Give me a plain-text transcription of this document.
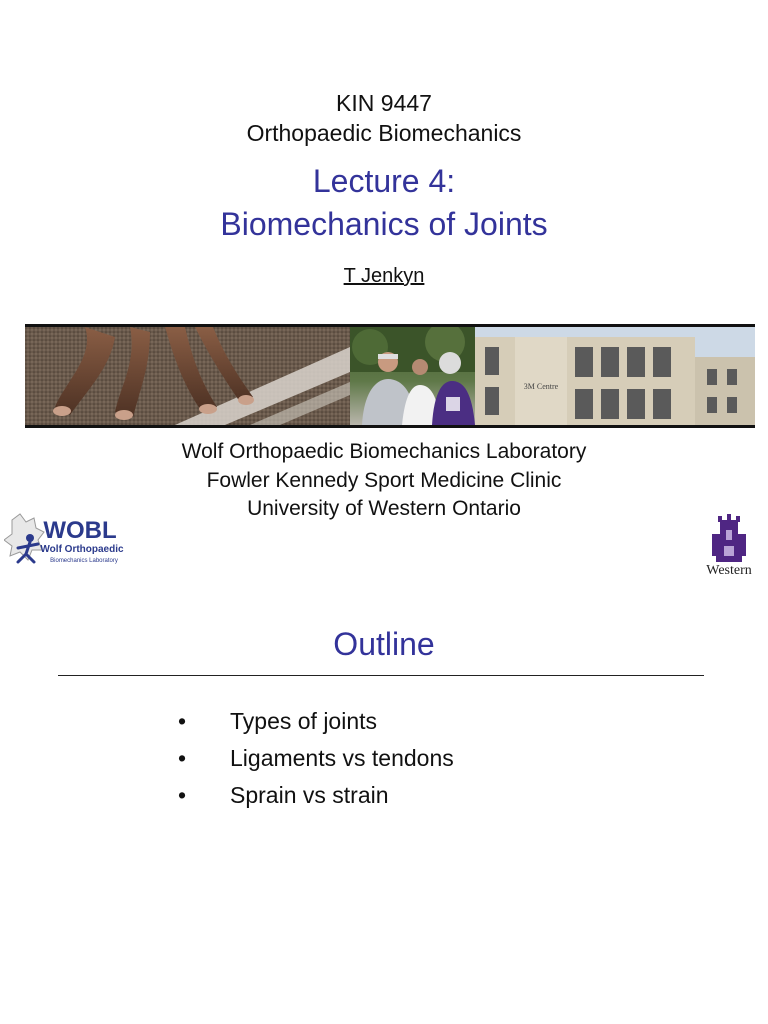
KIN 9447
Orthopaedic Biomechanics
Lecture 4:
Biomechanics of Joints
T Jenkyn
3M Centre
Wolf Orthopaedic Biomechanics Laboratory
Fowler Kennedy Sport Medicine Clinic
University of Western Ontario
WOBL
Wolf Orthopaedic
Biomechanics Laboratory
Western
Outline
•	Types of joints
•	Ligaments vs tendons
•	Sprain vs strain
